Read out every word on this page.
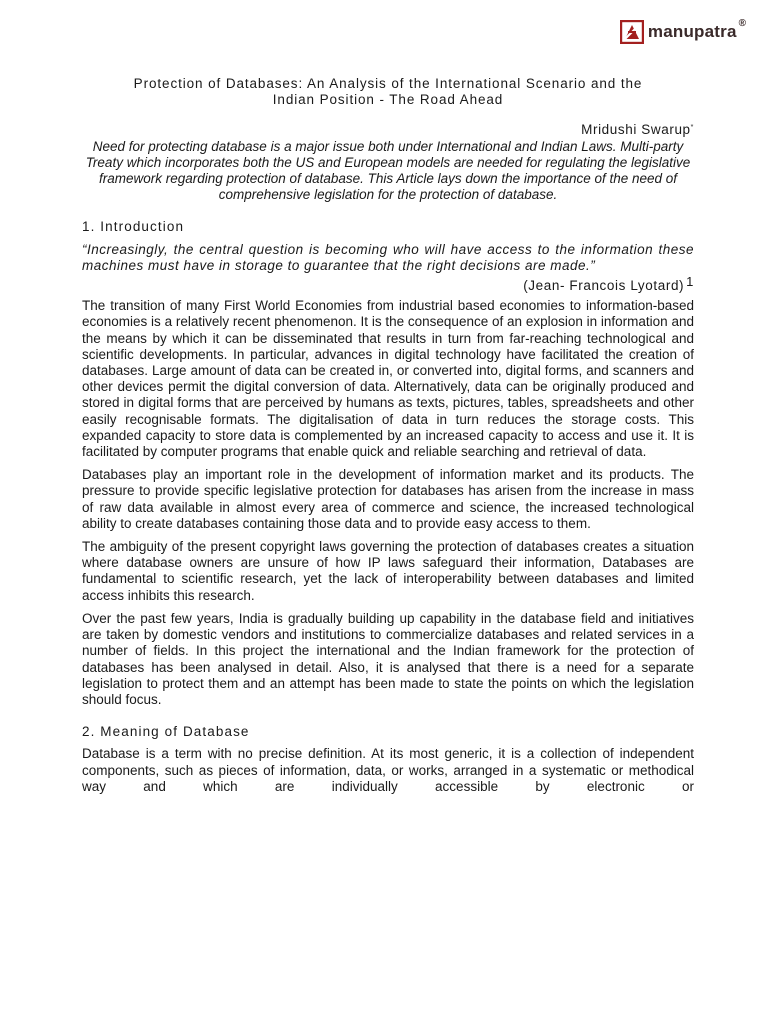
manupatra ®
Protection of Databases: An Analysis of the International Scenario and the
Indian Position - The Road Ahead
Mridushi Swarup*

Need for protecting database is a major issue both under International and Indian Laws. Multi-party Treaty which incorporates both the US and European models are needed for regulating the legislative framework regarding protection of database. This Article lays down the importance of the need of comprehensive legislation for the protection of database.

1. Introduction

“Increasingly, the central question is becoming who will have access to the information these machines must have in storage to guarantee that the right decisions are made.”

(Jean- Francois Lyotard) $^1$

The transition of many First World Economies from industrial based economies to information-based economies is a relatively recent phenomenon. It is the consequence of an explosion in information and the means by which it can be disseminated that results in turn from far-reaching technological and scientific developments. In particular, advances in digital technology have facilitated the creation of databases. Large amount of data can be created in, or converted into, digital forms, and scanners and other devices permit the digital conversion of data. Alternatively, data can be originally produced and stored in digital forms that are perceived by humans as texts, pictures, tables, spreadsheets and other easily recognisable formats. The digitalisation of data in turn reduces the storage costs. This expanded capacity to store data is complemented by an increased capacity to access and use it. It is facilitated by computer programs that enable quick and reliable searching and retrieval of data.

Databases play an important role in the development of information market and its products. The pressure to provide specific legislative protection for databases has arisen from the increase in mass of raw data available in almost every area of commerce and science, the increased technological ability to create databases containing those data and to provide easy access to them.

The ambiguity of the present copyright laws governing the protection of databases creates a situation where database owners are unsure of how IP laws safeguard their information, Databases are fundamental to scientific research, yet the lack of interoperability between databases and limited access inhibits this research.

Over the past few years, India is gradually building up capability in the database field and initiatives are taken by domestic vendors and institutions to commercialize databases and related services in a number of fields. In this project the international and the Indian framework for the protection of databases has been analysed in detail. Also, it is analysed that there is a need for a separate legislation to protect them and an attempt has been made to state the points on which the legislation should focus.

2. Meaning of Database

Database is a term with no precise definition. At its most generic, it is a collection of independent components, such as pieces of information, data, or works, arranged in a systematic or methodical way and which are individually accessible by electronic or
